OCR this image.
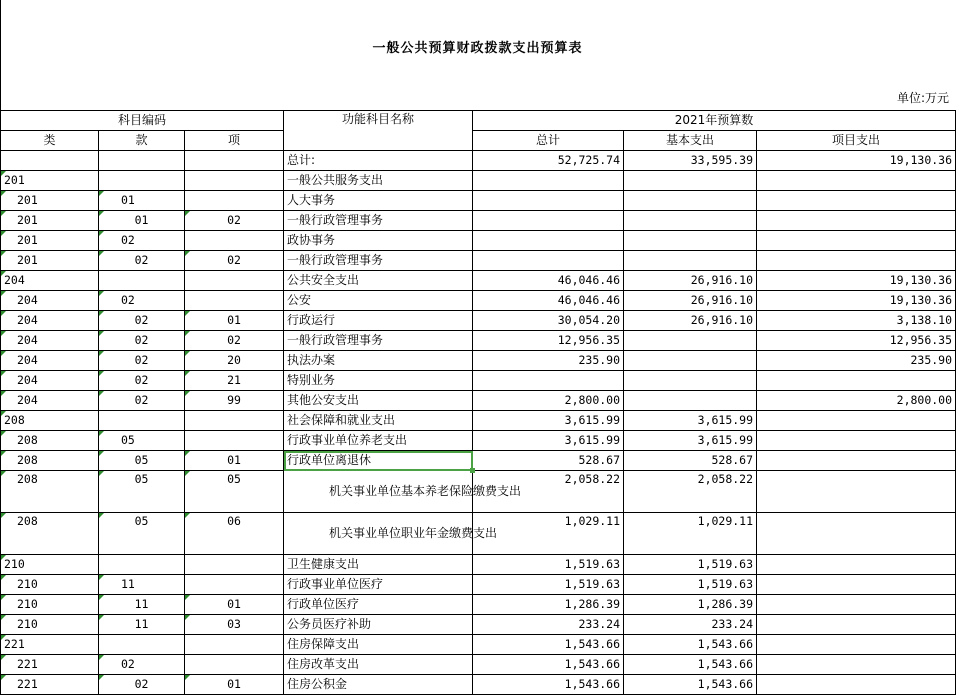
一般公共预算财政拨款支出预算表
单位:万元
科目编码			功能科目名称	2021年预算数		
类	款	项		总计	基本支出	项目支出
			总计:	52,725.74	33,595.39	19,130.36
201			一般公共服务支出			
201	01		人大事务			
201	01	02	一般行政管理事务			
201	02		政协事务			
201	02	02	一般行政管理事务			
204			公共安全支出	46,046.46	26,916.10	19,130.36
204	02		公安	46,046.46	26,916.10	19,130.36
204	02	01	行政运行	30,054.20	26,916.10	3,138.10
204	02	02	一般行政管理事务	12,956.35		12,956.35
204	02	20	执法办案	235.90		235.90
204	02	21	特别业务			
204	02	99	其他公安支出	2,800.00		2,800.00
208			社会保障和就业支出	3,615.99	3,615.99	
208	05		行政事业单位养老支出	3,615.99	3,615.99	
208	05	01	行政单位离退休	528.67	528.67	
208	05	05	机关事业单位基本养老保险缴费支出	2,058.22	2,058.22	
208	05	06	机关事业单位职业年金缴费支出	1,029.11	1,029.11	
210			卫生健康支出	1,519.63	1,519.63	
210	11		行政事业单位医疗	1,519.63	1,519.63	
210	11	01	行政单位医疗	1,286.39	1,286.39	
210	11	03	公务员医疗补助	233.24	233.24	
221			住房保障支出	1,543.66	1,543.66	
221	02		住房改革支出	1,543.66	1,543.66	
221	02	01	住房公积金	1,543.66	1,543.66	
